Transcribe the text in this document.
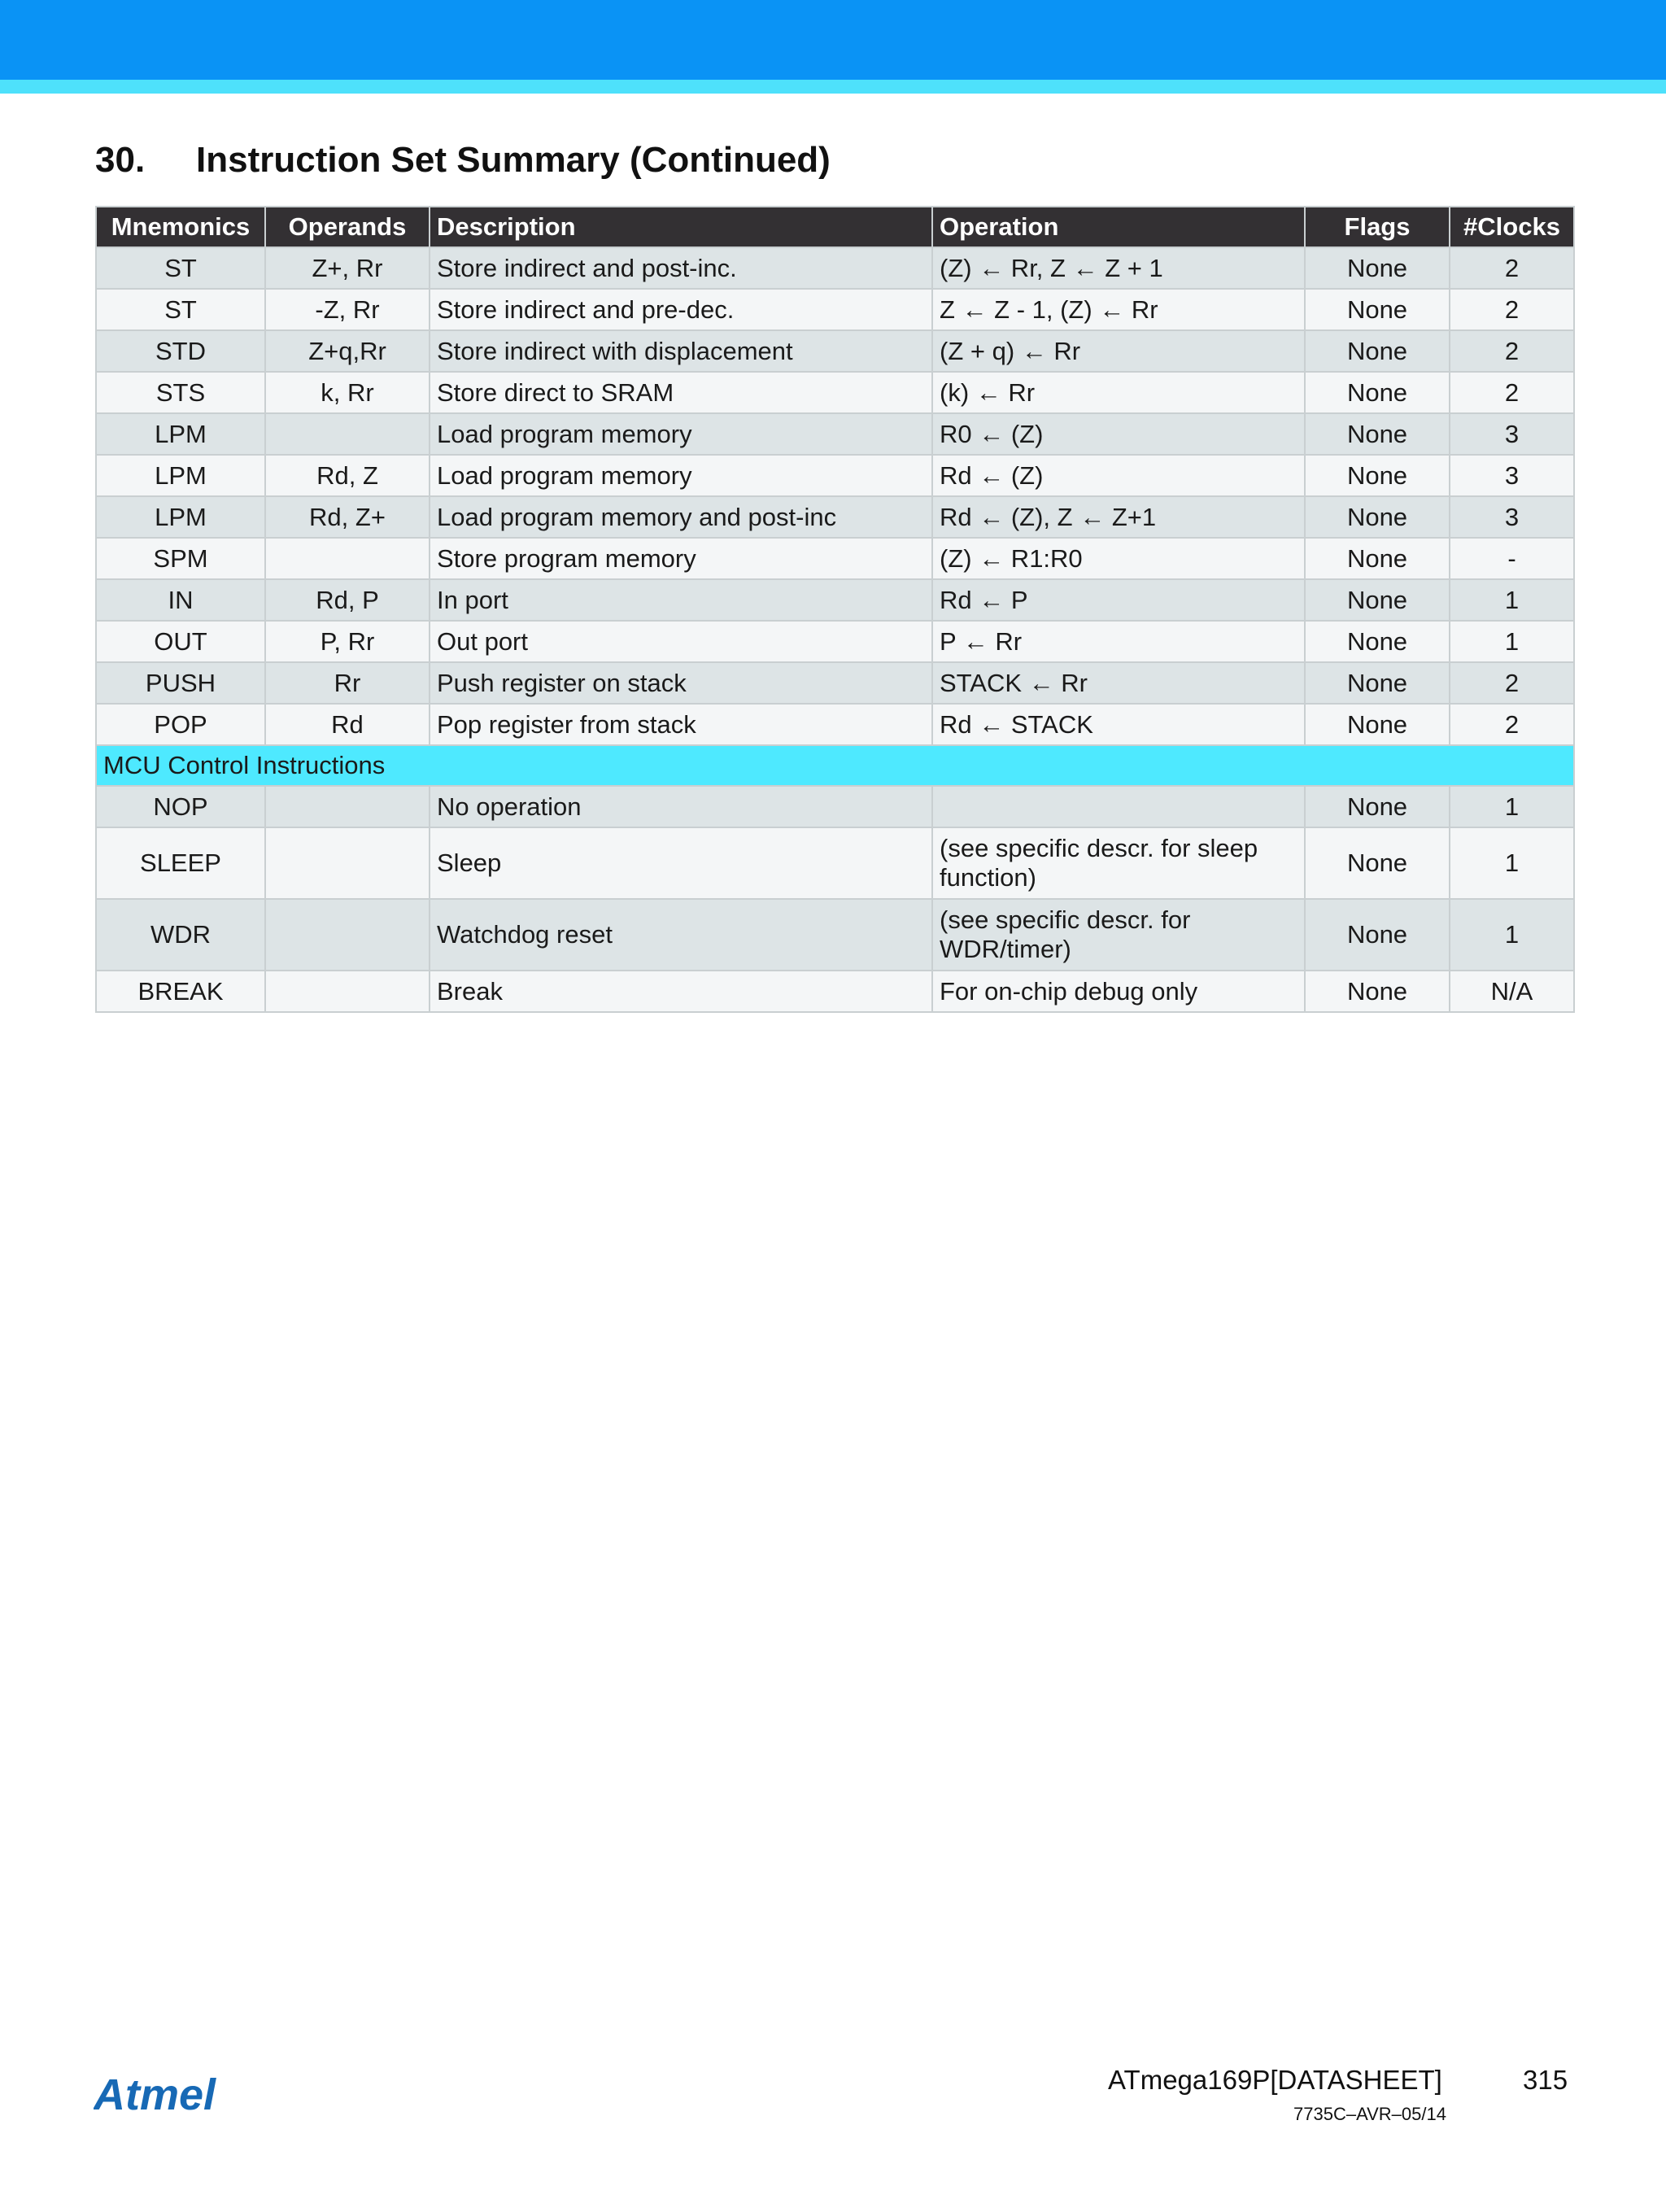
30. Instruction Set Summary (Continued)
Mnemonics	Operands	Description	Operation	Flags	#Clocks
ST	Z+, Rr	Store indirect and post-inc.	(Z) ← Rr, Z ← Z + 1	None	2
ST	-Z, Rr	Store indirect and pre-dec.	Z ← Z - 1, (Z) ← Rr	None	2
STD	Z+q,Rr	Store indirect with displacement	(Z + q) ← Rr	None	2
STS	k, Rr	Store direct to SRAM	(k) ← Rr	None	2
LPM		Load program memory	R0 ← (Z)	None	3
LPM	Rd, Z	Load program memory	Rd ← (Z)	None	3
LPM	Rd, Z+	Load program memory and post-inc	Rd ← (Z), Z ← Z+1	None	3
SPM		Store program memory	(Z) ← R1:R0	None	-
IN	Rd, P	In port	Rd ← P	None	1
OUT	P, Rr	Out port	P ← Rr	None	1
PUSH	Rr	Push register on stack	STACK ← Rr	None	2
POP	Rd	Pop register from stack	Rd ← STACK	None	2
MCU Control Instructions					
NOP		No operation		None	1
SLEEP		Sleep	(see specific descr. for sleep function)	None	1
WDR		Watchdog reset	(see specific descr. for WDR/timer)	None	1
BREAK		Break	For on-chip debug only	None	N/A
Atmel	ATmega169P[DATASHEET]	315
7735C–AVR–05/14
